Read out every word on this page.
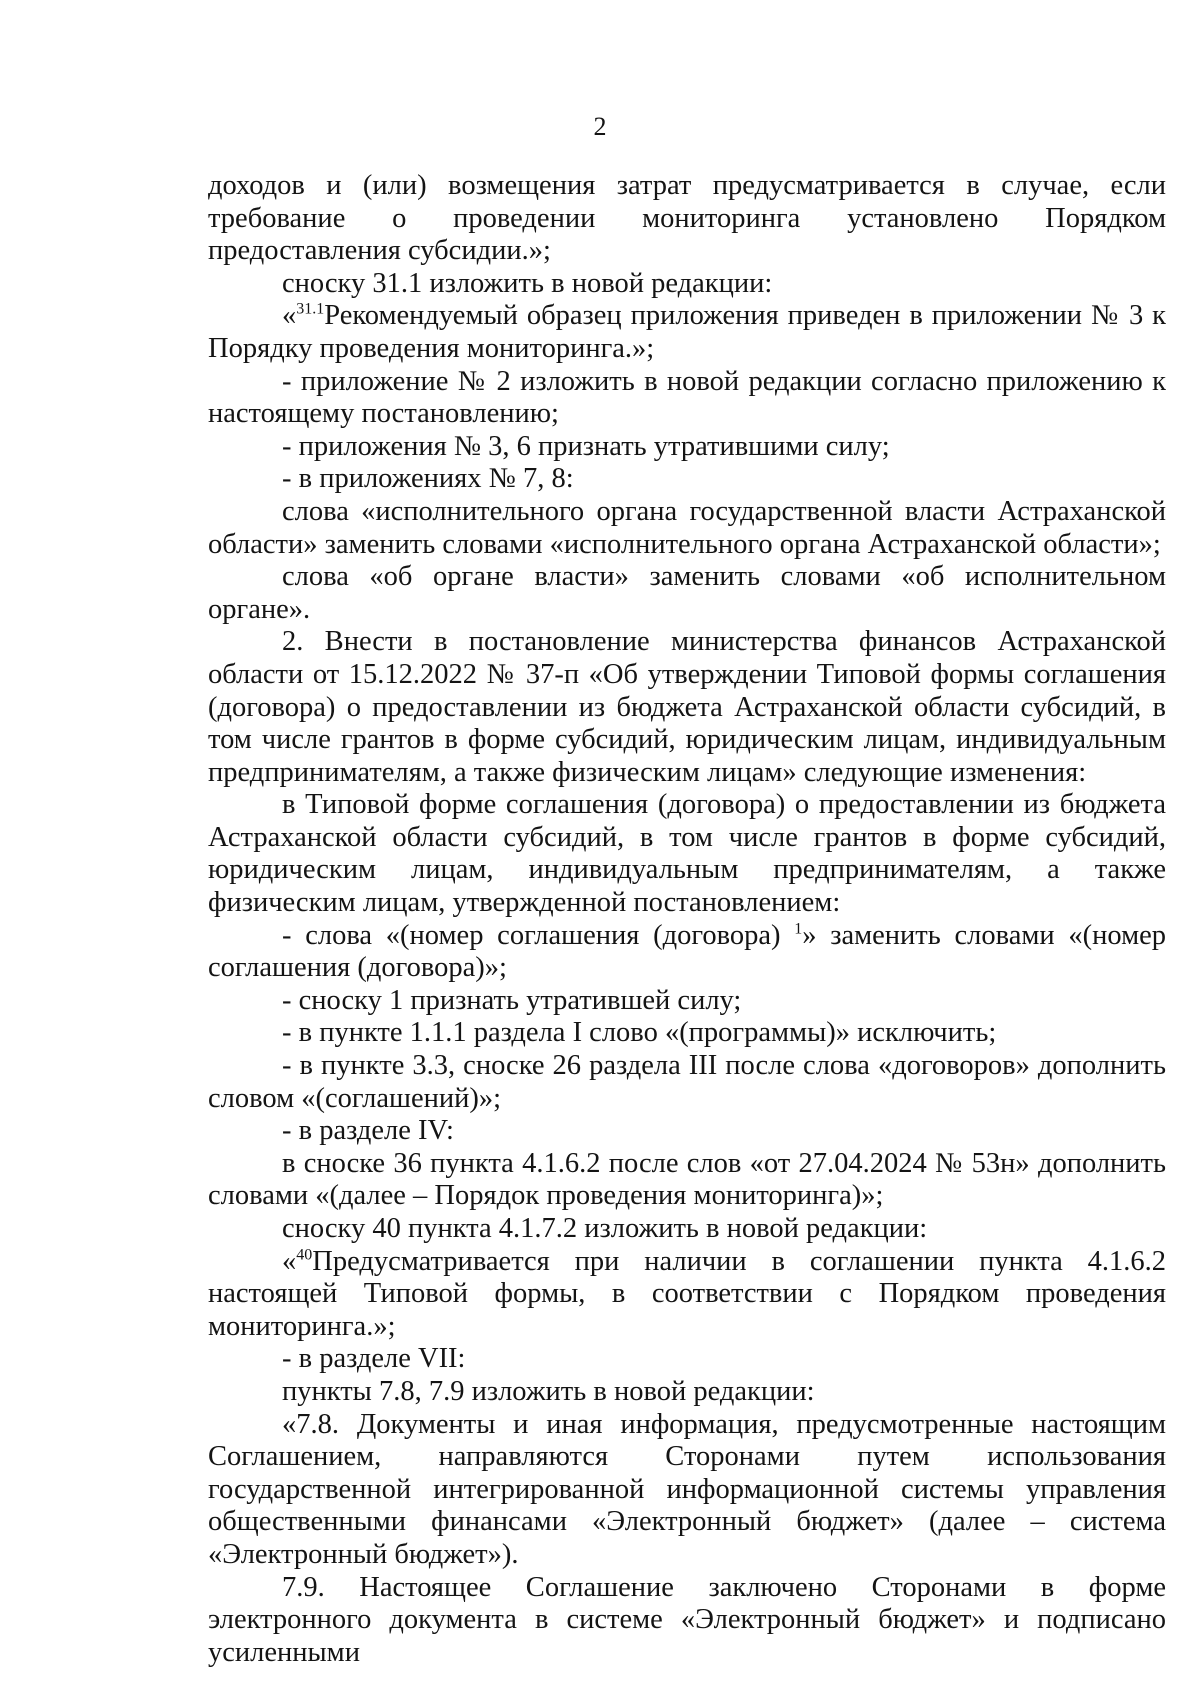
2

доходов и (или) возмещения затрат предусматривается в случае, если требование о проведении мониторинга установлено Порядком предоставления субсидии.»;

сноску 31.1 изложить в новой редакции:

«$^{31.1}$Рекомендуемый образец приложения приведен в приложении № 3 к Порядку проведения мониторинга.»;

- приложение № 2 изложить в новой редакции согласно приложению к настоящему постановлению;

- приложения № 3, 6 признать утратившими силу;

- в приложениях № 7, 8:

слова «исполнительного органа государственной власти Астраханской области» заменить словами «исполнительного органа Астраханской области»;

слова «об органе власти» заменить словами «об исполнительном органе».

2. Внести в постановление министерства финансов Астраханской области от 15.12.2022 № 37-п «Об утверждении Типовой формы соглашения (договора) о предоставлении из бюджета Астраханской области субсидий, в том числе грантов в форме субсидий, юридическим лицам, индивидуальным предпринимателям, а также физическим лицам» следующие изменения:

в Типовой форме соглашения (договора) о предоставлении из бюджета Астраханской области субсидий, в том числе грантов в форме субсидий, юридическим лицам, индивидуальным предпринимателям, а также физическим лицам, утвержденной постановлением:

- слова «(номер соглашения (договора) $^1$» заменить словами «(номер соглашения (договора)»;

- сноску 1 признать утратившей силу;

- в пункте 1.1.1 раздела I слово «(программы)» исключить;

- в пункте 3.3, сноске 26 раздела III после слова «договоров» дополнить словом «(соглашений)»;

- в разделе IV:

в сноске 36 пункта 4.1.6.2 после слов «от 27.04.2024 № 53н» дополнить словами «(далее – Порядок проведения мониторинга)»;

сноску 40 пункта 4.1.7.2 изложить в новой редакции:

«$^{40}$Предусматривается при наличии в соглашении пункта 4.1.6.2 настоящей Типовой формы, в соответствии с Порядком проведения мониторинга.»;

- в разделе VII:

пункты 7.8, 7.9 изложить в новой редакции:

«7.8. Документы и иная информация, предусмотренные настоящим Соглашением, направляются Сторонами путем использования государственной интегрированной информационной системы управления общественными финансами «Электронный бюджет» (далее – система «Электронный бюджет»).

7.9. Настоящее Соглашение заключено Сторонами в форме электронного документа в системе «Электронный бюджет» и подписано усиленными
